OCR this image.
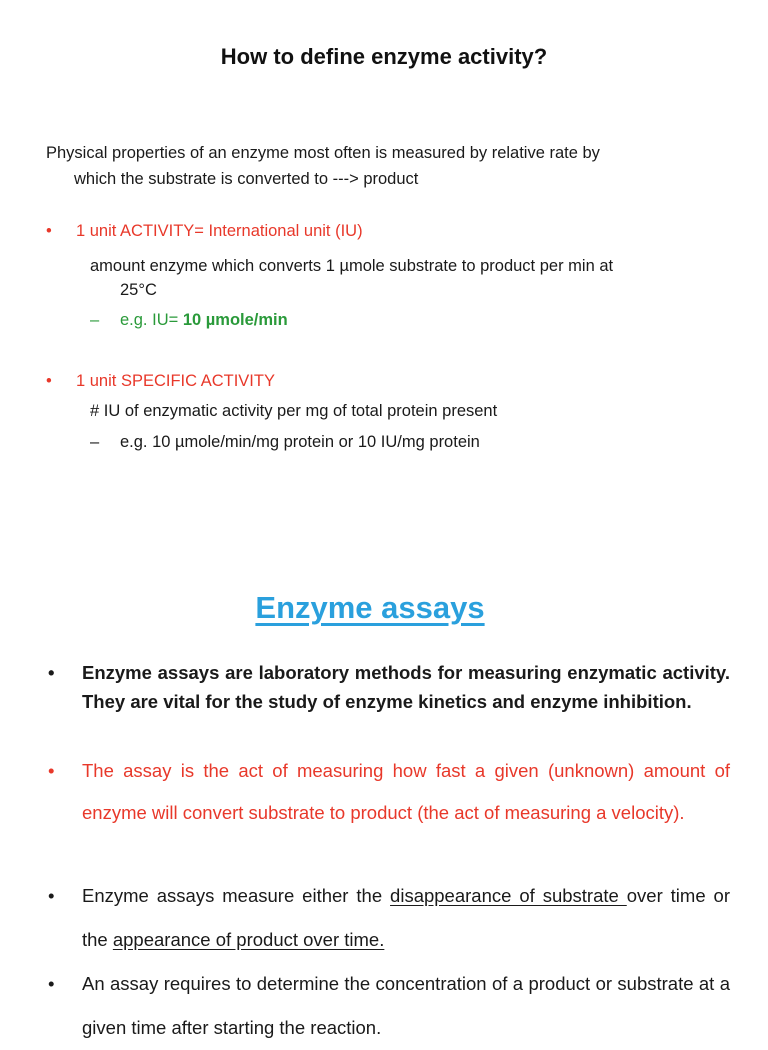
How to define enzyme activity?
Physical properties of an enzyme most often is measured by relative rate by
which the substrate is converted to ---> product
• 1 unit ACTIVITY= International unit (IU)
amount enzyme which converts 1 µmole substrate to product per min at
25°C
– e.g. IU= 10 µmole/min
• 1 unit SPECIFIC ACTIVITY
# IU of enzymatic activity per mg of total protein present
– e.g. 10 µmole/min/mg protein or 10 IU/mg protein
Enzyme assays
• Enzyme assays are laboratory methods for measuring enzymatic activity. They are vital for the study of enzyme kinetics and enzyme inhibition.
• The assay is the act of measuring how fast a given (unknown) amount of enzyme will convert substrate to product (the act of measuring a velocity).
• Enzyme assays measure either the disappearance of substrate over time or the appearance of product over time.
• An assay requires to determine the concentration of a product or substrate at a given time after starting the reaction.
